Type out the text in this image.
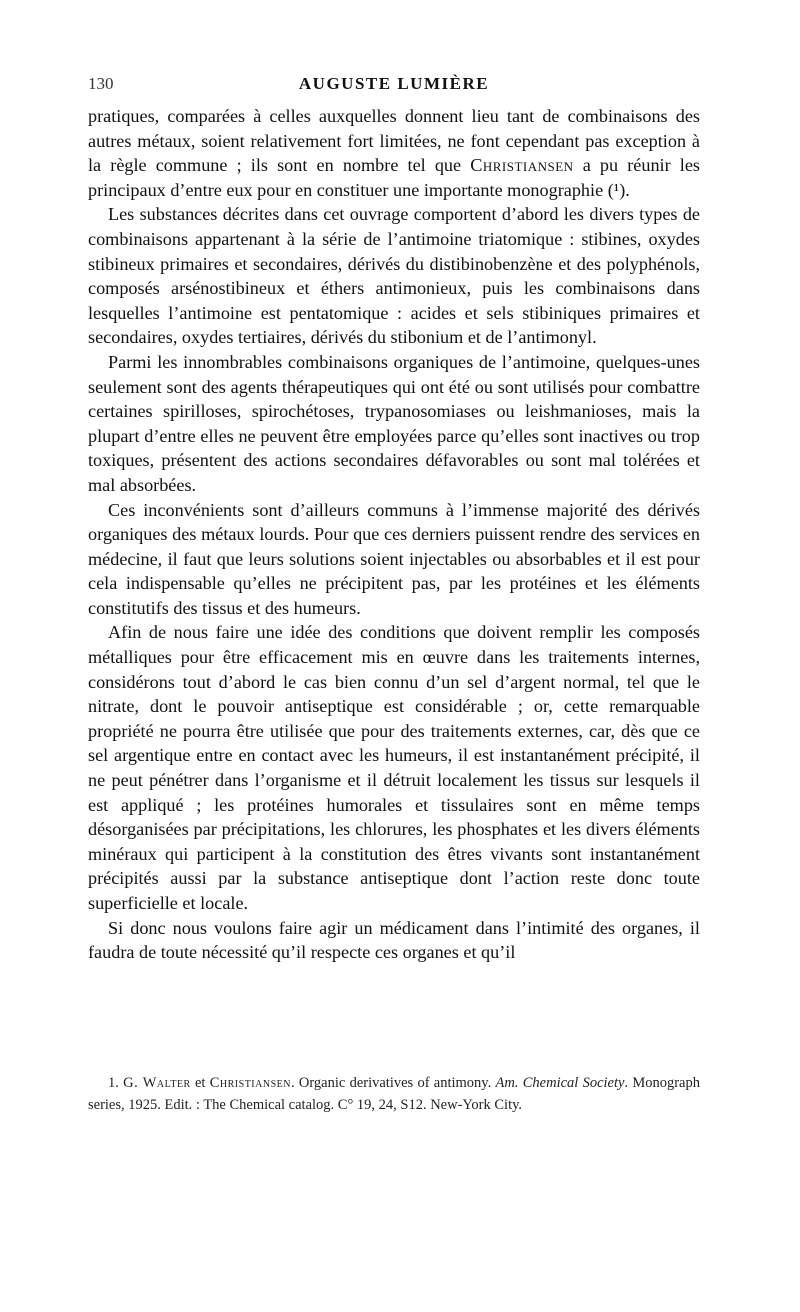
130	AUGUSTE LUMIÈRE

pratiques, comparées à celles auxquelles donnent lieu tant de combinaisons des autres métaux, soient relativement fort limitées, ne font cependant pas exception à la règle commune ; ils sont en nombre tel que Christiansen a pu réunir les principaux d’entre eux pour en constituer une importante monographie (¹).

Les substances décrites dans cet ouvrage comportent d’abord les divers types de combinaisons appartenant à la série de l’antimoine triatomique : stibines, oxydes stibineux primaires et secondaires, dérivés du distibinobenzène et des polyphénols, composés arsénostibineux et éthers antimonieux, puis les combinaisons dans lesquelles l’antimoine est pentatomique : acides et sels stibiniques primaires et secondaires, oxydes tertiaires, dérivés du stibonium et de l’antimonyl.

Parmi les innombrables combinaisons organiques de l’antimoine, quelques-unes seulement sont des agents thérapeutiques qui ont été ou sont utilisés pour combattre certaines spirilloses, spirochétoses, trypanosomiases ou leishmanioses, mais la plupart d’entre elles ne peuvent être employées parce qu’elles sont inactives ou trop toxiques, présentent des actions secondaires défavorables ou sont mal tolérées et mal absorbées.

Ces inconvénients sont d’ailleurs communs à l’immense majorité des dérivés organiques des métaux lourds. Pour que ces derniers puissent rendre des services en médecine, il faut que leurs solutions soient injectables ou absorbables et il est pour cela indispensable qu’elles ne précipitent pas, par les protéines et les éléments constitutifs des tissus et des humeurs.

Afin de nous faire une idée des conditions que doivent remplir les composés métalliques pour être efficacement mis en œuvre dans les traitements internes, considérons tout d’abord le cas bien connu d’un sel d’argent normal, tel que le nitrate, dont le pouvoir antiseptique est considérable ; or, cette remarquable propriété ne pourra être utilisée que pour des traitements externes, car, dès que ce sel argentique entre en contact avec les humeurs, il est instantanément précipité, il ne peut pénétrer dans l’organisme et il détruit localement les tissus sur lesquels il est appliqué ; les protéines humorales et tissulaires sont en même temps désorganisées par précipitations, les chlorures, les phosphates et les divers éléments minéraux qui participent à la constitution des êtres vivants sont instantanément précipités aussi par la substance antiseptique dont l’action reste donc toute superficielle et locale.

Si donc nous voulons faire agir un médicament dans l’intimité des organes, il faudra de toute nécessité qu’il respecte ces organes et qu’il

1. G. Walter et Christiansen. Organic derivatives of antimony. Am. Chemical Society. Monograph series, 1925. Edit. : The Chemical catalog. C° 19, 24, S12. New-York City.
